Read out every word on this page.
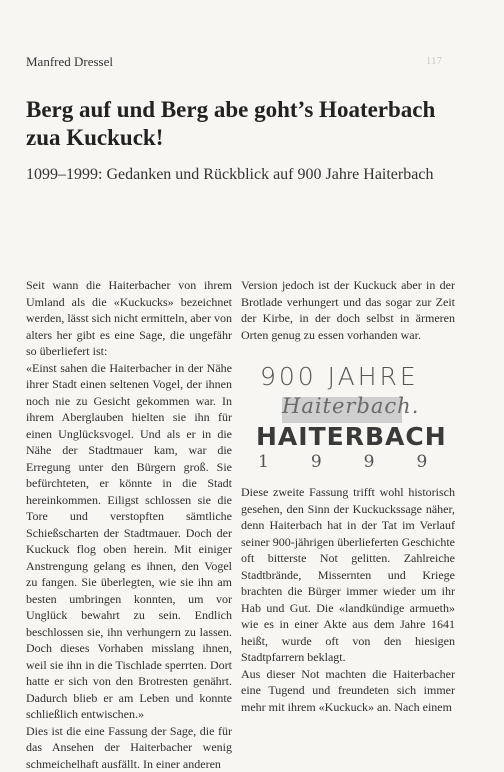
117
Manfred Dressel
Berg auf und Berg abe goht’s Hoaterbach zua Kuckuck!
1099–1999: Gedanken und Rückblick auf 900 Jahre Haiterbach

Seit wann die Haiterbacher von ihrem Umland als die «Kuckucks» bezeichnet werden, lässt sich nicht ermitteln, aber von alters her gibt es eine Sage, die ungefähr so überliefert ist:
«Einst sahen die Haiterbacher in der Nähe ihrer Stadt einen seltenen Vogel, der ihnen noch nie zu Gesicht gekommen war. In ihrem Aberglauben hielten sie ihn für einen Unglücksvogel. Und als er in die Nähe der Stadtmauer kam, war die Erregung unter den Bürgern groß. Sie befürchteten, er könnte in die Stadt hereinkommen. Eiligst schlossen sie die Tore und verstopften sämtliche Schießscharten der Stadtmauer. Doch der Kuckuck flog oben herein. Mit einiger Anstrengung gelang es ihnen, den Vogel zu fangen. Sie überlegten, wie sie ihn am besten umbringen konnten, um vor Unglück bewahrt zu sein. Endlich beschlossen sie, ihn verhungern zu lassen. Doch dieses Vorhaben misslang ihnen, weil sie ihn in die Tischlade sperrten. Dort hatte er sich von den Brotresten genährt. Dadurch blieb er am Leben und konnte schließlich entwischen.»
Dies ist die eine Fassung der Sage, die für das Ansehen der Haiterbacher wenig schmeichelhaft ausfällt. In einer anderen

Version jedoch ist der Kuckuck aber in der Brotlade verhungert und das sogar zur Zeit der Kirbe, in der doch selbst in ärmeren Orten genug zu essen vorhanden war.

900 JAHRE
Haiterbach.
HAITERBACH
1999

Diese zweite Fassung trifft wohl historisch gesehen, den Sinn der Kuckuckssage näher, denn Haiterbach hat in der Tat im Verlauf seiner 900-jährigen überlieferten Geschichte oft bitterste Not gelitten. Zahlreiche Stadtbrände, Missernten und Kriege brachten die Bürger immer wieder um ihr Hab und Gut. Die «landkündige armueth» wie es in einer Akte aus dem Jahre 1641 heißt, wurde oft von den hiesigen Stadtpfarrern beklagt.
Aus dieser Not machten die Haiterbacher eine Tugend und freundeten sich immer mehr mit ihrem «Kuckuck» an. Nach einem
